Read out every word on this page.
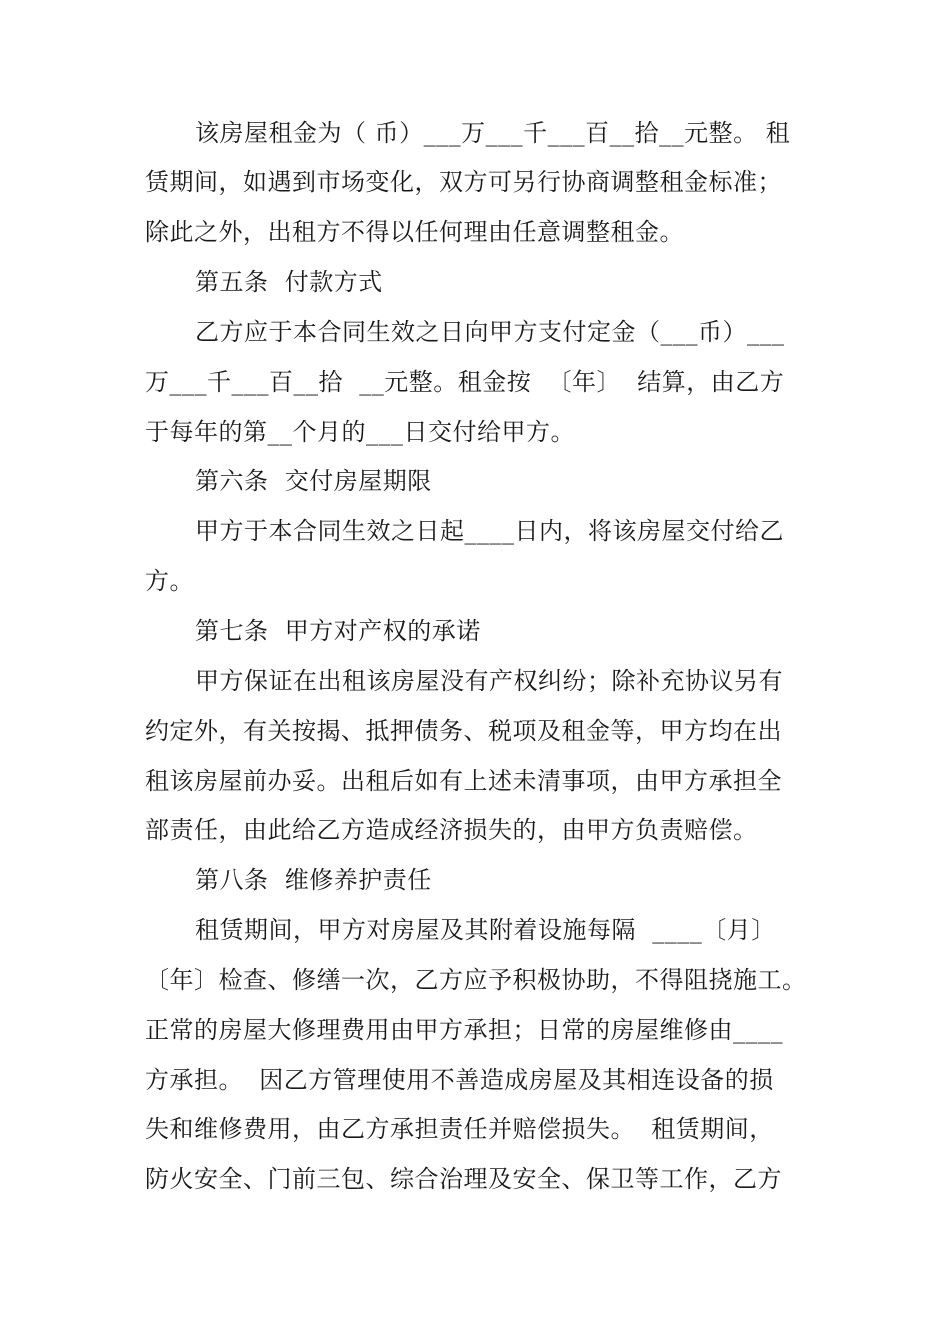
该房屋租金为（ 币）___万___千___百__拾__元整。 租
赁期间，如遇到市场变化，双方可另行协商调整租金标准；
除此之外，出租方不得以任何理由任意调整租金。
第五条  付款方式
乙方应于本合同生效之日向甲方支付定金（___币）___
万___千___百__拾  __元整。租金按  〔年〕  结算，由乙方
于每年的第__个月的___日交付给甲方。
第六条  交付房屋期限
甲方于本合同生效之日起____日内，将该房屋交付给乙
方。
第七条  甲方对产权的承诺
甲方保证在出租该房屋没有产权纠纷；除补充协议另有
约定外，有关按揭、抵押债务、税项及租金等，甲方均在出
租该房屋前办妥。出租后如有上述未清事项，由甲方承担全
部责任，由此给乙方造成经济损失的，由甲方负责赔偿。
第八条  维修养护责任
租赁期间，甲方对房屋及其附着设施每隔  ____〔月〕
〔年〕检查、修缮一次，乙方应予积极协助，不得阻挠施工。
正常的房屋大修理费用由甲方承担；日常的房屋维修由____
方承担。  因乙方管理使用不善造成房屋及其相连设备的损
失和维修费用，由乙方承担责任并赔偿损失。  租赁期间，
防火安全、门前三包、综合治理及安全、保卫等工作，乙方
